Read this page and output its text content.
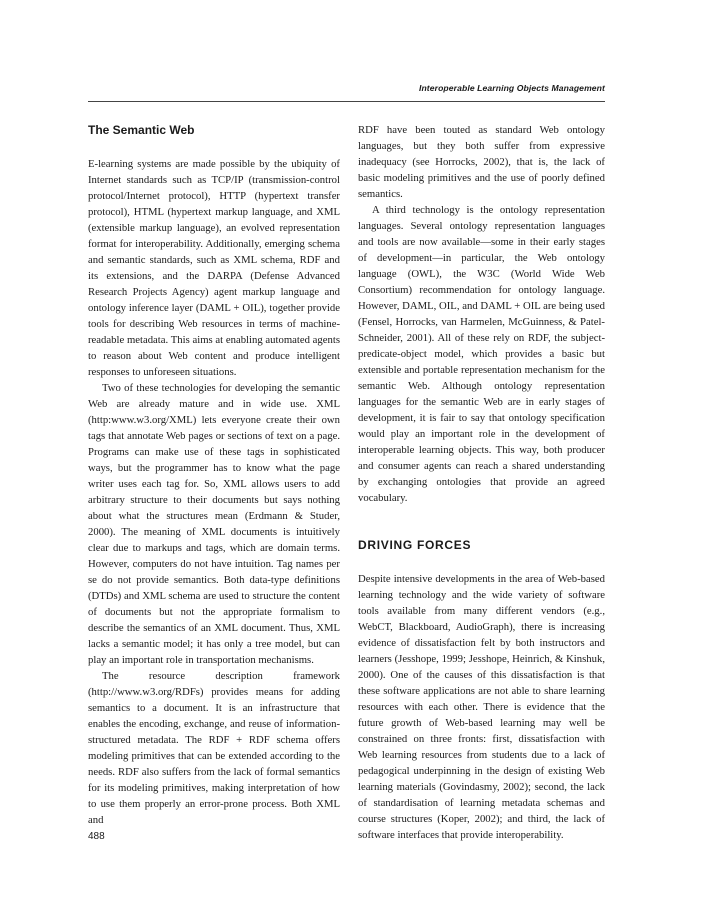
Interoperable Learning Objects Management
The Semantic Web

E-learning systems are made possible by the ubiquity of Internet standards such as TCP/IP (transmission-control protocol/Internet protocol), HTTP (hypertext transfer protocol), HTML (hypertext markup language, and XML (extensible markup language), an evolved representation format for interoperability. Additionally, emerging schema and semantic standards, such as XML schema, RDF and its extensions, and the DARPA (Defense Advanced Research Projects Agency) agent markup language and ontology inference layer (DAML + OIL), together provide tools for describing Web resources in terms of machine-readable metadata. This aims at enabling automated agents to reason about Web content and produce intelligent responses to unforeseen situations.

Two of these technologies for developing the semantic Web are already mature and in wide use. XML (http:www.w3.org/XML) lets everyone create their own tags that annotate Web pages or sections of text on a page. Programs can make use of these tags in sophisticated ways, but the programmer has to know what the page writer uses each tag for. So, XML allows users to add arbitrary structure to their documents but says nothing about what the structures mean (Erdmann & Studer, 2000). The meaning of XML documents is intuitively clear due to markups and tags, which are domain terms. However, computers do not have intuition. Tag names per se do not provide semantics. Both data-type definitions (DTDs) and XML schema are used to structure the content of documents but not the appropriate formalism to describe the semantics of an XML document. Thus, XML lacks a semantic model; it has only a tree model, but can play an important role in transportation mechanisms.

The resource description framework (http://www.w3.org/RDFs) provides means for adding semantics to a document. It is an infrastructure that enables the encoding, exchange, and reuse of information-structured metadata. The RDF + RDF schema offers modeling primitives that can be extended according to the needs. RDF also suffers from the lack of formal semantics for its modeling primitives, making interpretation of how to use them properly an error-prone process. Both XML and

RDF have been touted as standard Web ontology languages, but they both suffer from expressive inadequacy (see Horrocks, 2002), that is, the lack of basic modeling primitives and the use of poorly defined semantics.

A third technology is the ontology representation languages. Several ontology representation languages and tools are now available—some in their early stages of development—in particular, the Web ontology language (OWL), the W3C (World Wide Web Consortium) recommendation for ontology language. However, DAML, OIL, and DAML + OIL are being used (Fensel, Horrocks, van Harmelen, McGuinness, & Patel-Schneider, 2001). All of these rely on RDF, the subject-predicate-object model, which provides a basic but extensible and portable representation mechanism for the semantic Web. Although ontology representation languages for the semantic Web are in early stages of development, it is fair to say that ontology specification would play an important role in the development of interoperable learning objects. This way, both producer and consumer agents can reach a shared understanding by exchanging ontologies that provide an agreed vocabulary.

DRIVING FORCES

Despite intensive developments in the area of Web-based learning technology and the wide variety of software tools available from many different vendors (e.g., WebCT, Blackboard, AudioGraph), there is increasing evidence of dissatisfaction felt by both instructors and learners (Jesshope, 1999; Jesshope, Heinrich, & Kinshuk, 2000). One of the causes of this dissatisfaction is that these software applications are not able to share learning resources with each other. There is evidence that the future growth of Web-based learning may well be constrained on three fronts: first, dissatisfaction with Web learning resources from students due to a lack of pedagogical underpinning in the design of existing Web learning materials (Govindasmy, 2002); second, the lack of standardisation of learning metadata schemas and course structures (Koper, 2002); and third, the lack of software interfaces that provide interoperability.

488
